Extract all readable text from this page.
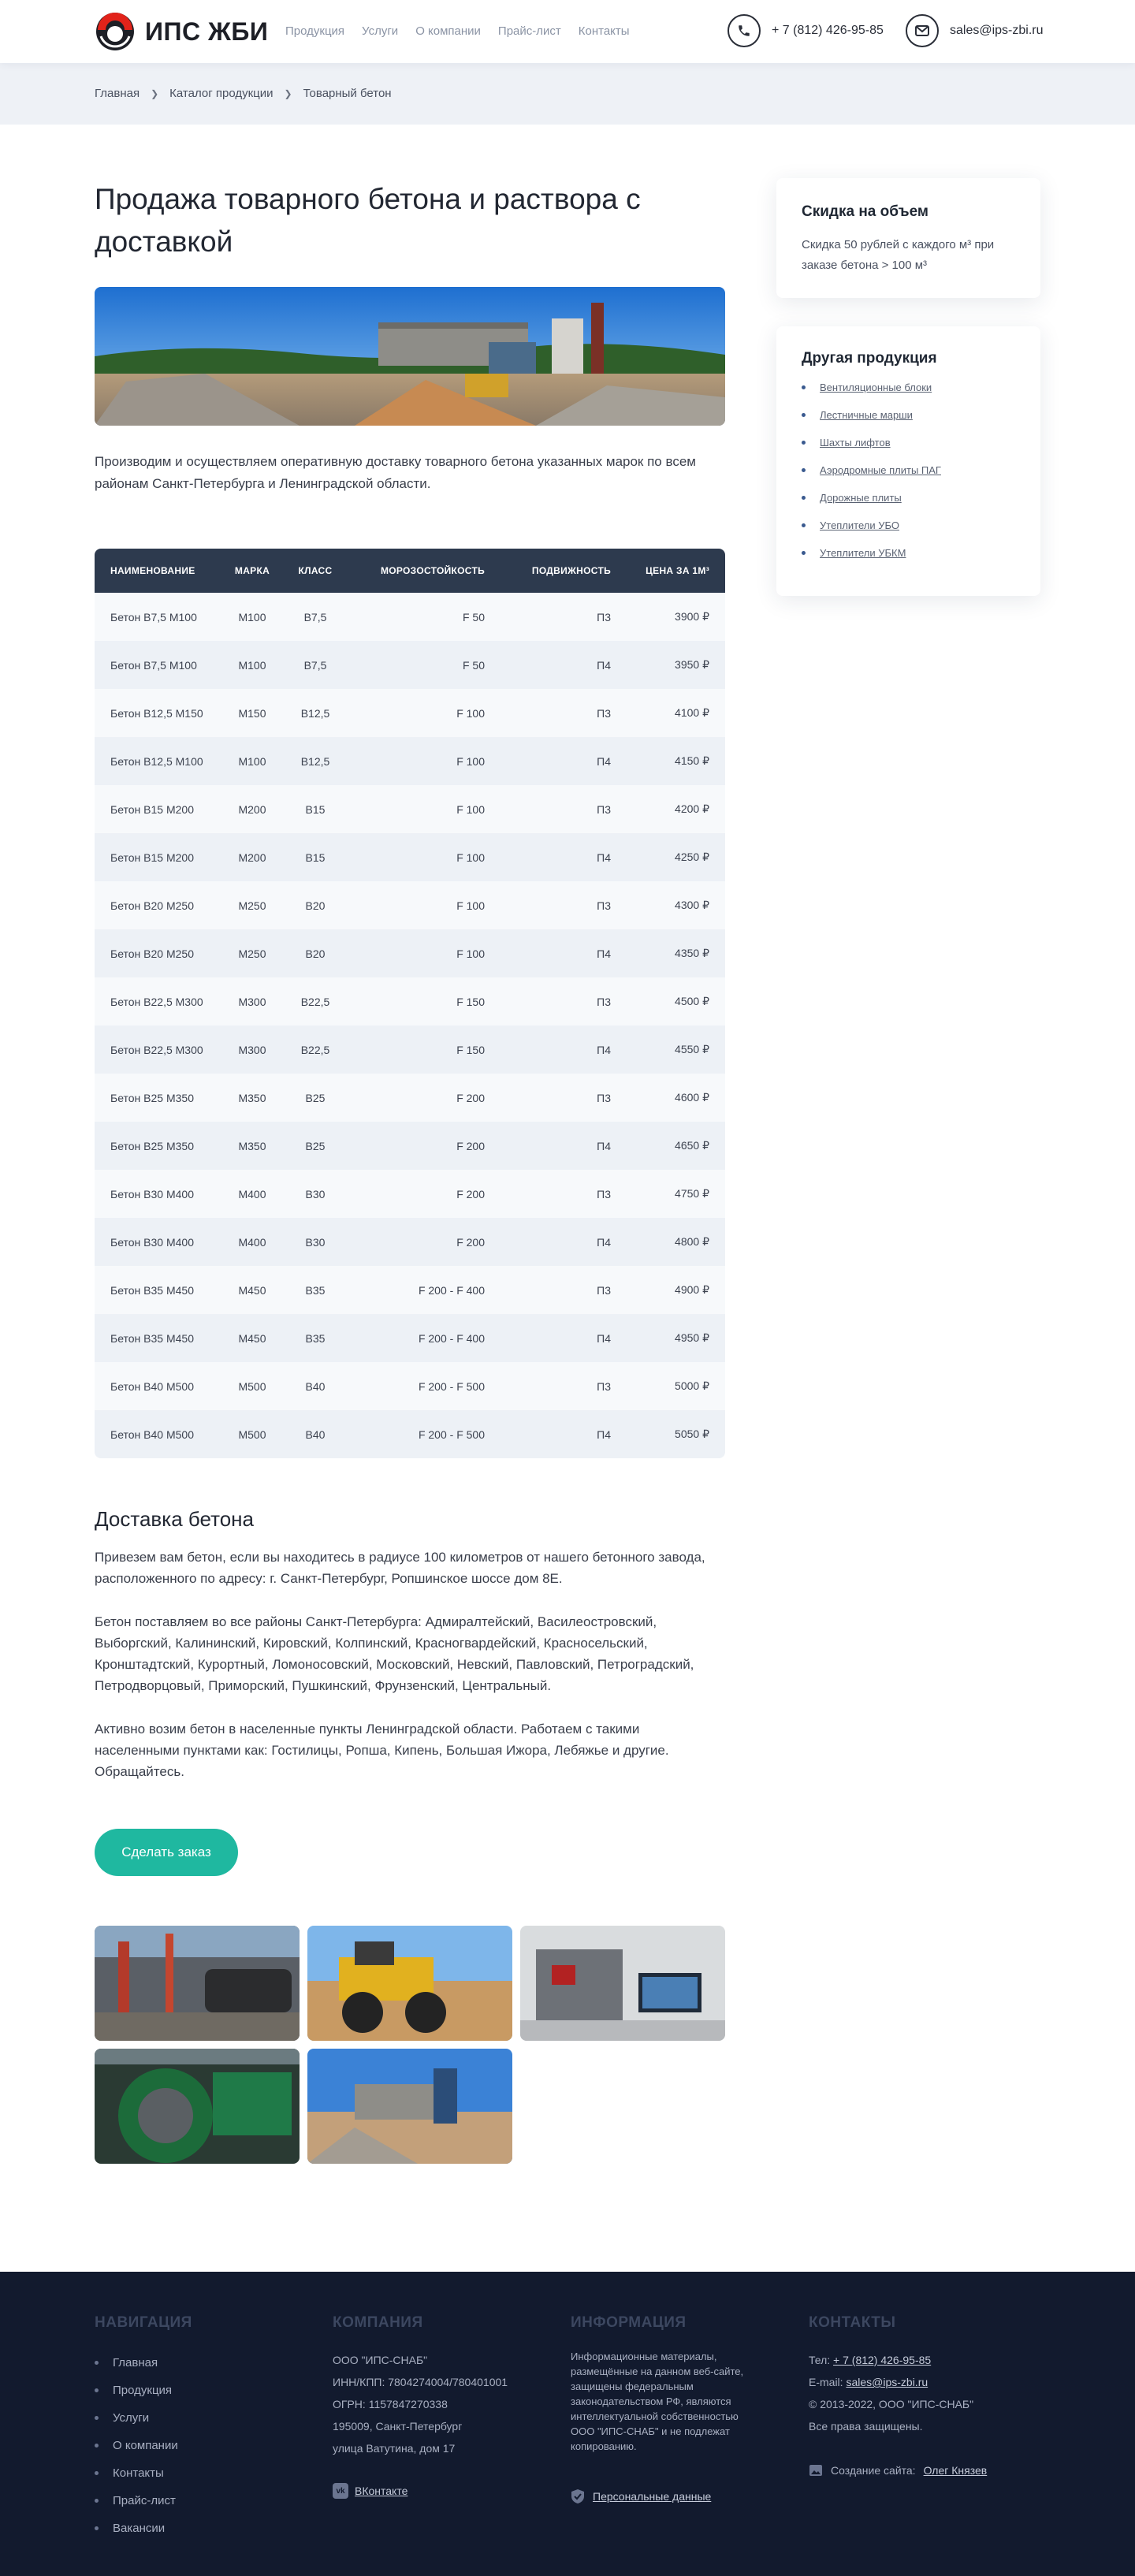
ИПС ЖБИ Продукция Услуги О компании Прайс-лист Контакты	+ 7 (812) 426-95-85	sales@ips-zbi.ru
Главная ❯ Каталог продукции ❯ Товарный бетон
Продажа товарного бетона и раствора с доставкой

Производим и осуществляем оперативную доставку товарного бетона указанных марок по всем районам Санкт-Петербурга и Ленинградской области.

НАИМЕНОВАНИЕ	МАРКА	КЛАСС	МОРОЗОСТОЙКОСТЬ	ПОДВИЖНОСТЬ	ЦЕНА ЗА 1М³
Бетон В7,5 М100	М100	В7,5	F 50	П3	3900 ₽
Бетон В7,5 М100	М100	В7,5	F 50	П4	3950 ₽
Бетон В12,5 М150	М150	В12,5	F 100	П3	4100 ₽
Бетон В12,5 М100	М100	В12,5	F 100	П4	4150 ₽
Бетон В15 М200	М200	В15	F 100	П3	4200 ₽
Бетон В15 М200	М200	В15	F 100	П4	4250 ₽
Бетон В20 М250	М250	В20	F 100	П3	4300 ₽
Бетон В20 М250	М250	В20	F 100	П4	4350 ₽
Бетон В22,5 М300	М300	В22,5	F 150	П3	4500 ₽
Бетон В22,5 М300	М300	В22,5	F 150	П4	4550 ₽
Бетон В25 М350	М350	В25	F 200	П3	4600 ₽
Бетон В25 М350	М350	В25	F 200	П4	4650 ₽
Бетон В30 М400	М400	В30	F 200	П3	4750 ₽
Бетон В30 М400	М400	В30	F 200	П4	4800 ₽
Бетон В35 М450	М450	В35	F 200 - F 400	П3	4900 ₽
Бетон В35 М450	М450	В35	F 200 - F 400	П4	4950 ₽
Бетон В40 М500	М500	В40	F 200 - F 500	П3	5000 ₽
Бетон В40 М500	М500	В40	F 200 - F 500	П4	5050 ₽
Доставка бетона

Привезем вам бетон, если вы находитесь в радиусе 100 километров от нашего бетонного завода, расположенного по адресу: г. Санкт-Петербург, Ропшинское шоссе дом 8Е.

Бетон поставляем во все районы Санкт-Петербурга: Адмиралтейский, Василеостровский, Выборгский, Калининский, Кировский, Колпинский, Красногвардейский, Красносельский, Кронштадтский, Курортный, Ломоносовский, Московский, Невский, Павловский, Петроградский, Петродворцовый, Приморский, Пушкинский, Фрунзенский, Центральный.

Активно возим бетон в населенные пункты Ленинградской области. Работаем с такими населенными пунктами как: Гостилицы, Ропша, Кипень, Большая Ижора, Лебяжье и другие. Обращайтесь.

Сделать заказ
Скидка на объем

Скидка 50 рублей с каждого м³ при заказе бетона > 100 м³

Другая продукция
Вентиляционные блоки
Лестничные марши
Шахты лифтов
Аэродромные плиты ПАГ
Дорожные плиты
Утеплители УБО
Утеплители УБКМ
НАВИГАЦИЯ
Главная
Продукция
Услуги
О компании
Контакты
Прайс-лист
Вакансии
КОМПАНИЯ
ООО "ИПС-СНАБ"
ИНН/КПП: 7804274004/780401001
ОГРН: 1157847270338
195009, Санкт-Петербург
улица Ватутина, дом 17
vk ВКонтакте
ИНФОРМАЦИЯ
Информационные материалы, размещённые на данном веб-сайте, защищены федеральным законодательством РФ, являются интеллектуальной собственностью ООО "ИПС-СНАБ" и не подлежат копированию.
Персональные данные
КОНТАКТЫ
Тел: + 7 (812) 426-95-85
E-mail: sales@ips-zbi.ru
© 2013-2022, ООО "ИПС-СНАБ"
Все права защищены.
Создание сайта: Олег Князев
